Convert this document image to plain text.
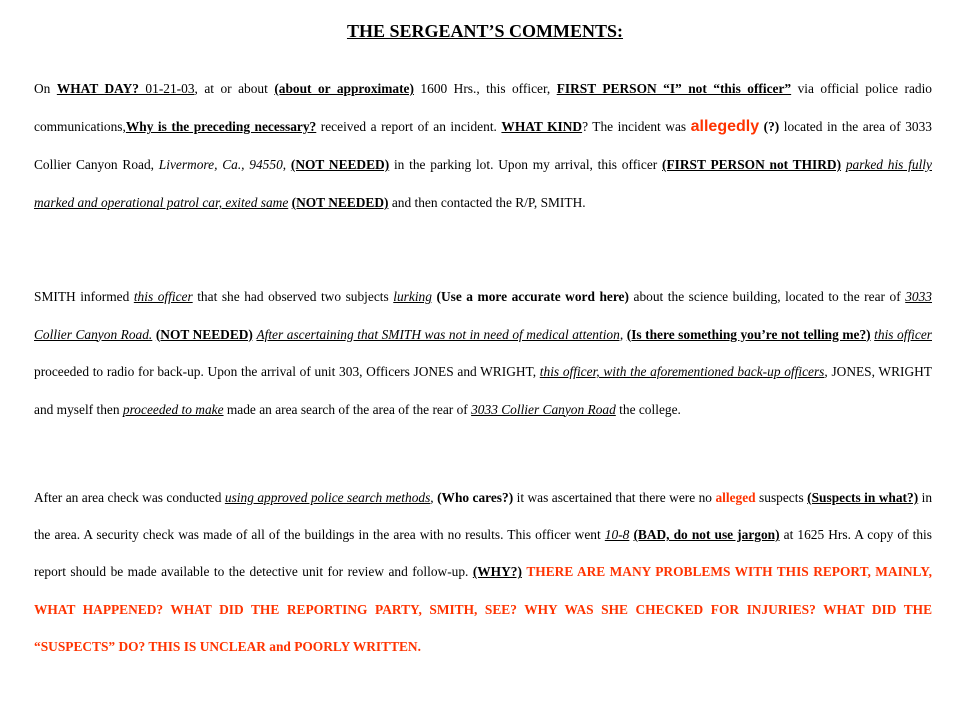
THE SERGEANT’S COMMENTS:

On WHAT DAY? 01-21-03, at or about (about or approximate) 1600 Hrs., this officer, FIRST PERSON “I” not “this officer” via official police radio communications,Why is the preceding necessary? received a report of an incident. WHAT KIND? The incident was allegedly (?) located in the area of 3033 Collier Canyon Road, Livermore, Ca., 94550, (NOT NEEDED) in the parking lot. Upon my arrival, this officer (FIRST PERSON not THIRD) parked his fully marked and operational patrol car, exited same (NOT NEEDED) and then contacted the R/P, SMITH.

SMITH informed this officer that she had observed two subjects lurking (Use a more accurate word here) about the science building, located to the rear of 3033 Collier Canyon Road. (NOT NEEDED) After ascertaining that SMITH was not in need of medical attention, (Is there something you’re not telling me?) this officer proceeded to radio for back-up. Upon the arrival of unit 303, Officers JONES and WRIGHT, this officer, with the aforementioned back-up officers, JONES, WRIGHT and myself then proceeded to make made an area search of the area of the rear of 3033 Collier Canyon Road the college.

After an area check was conducted using approved police search methods, (Who cares?) it was ascertained that there were no alleged suspects (Suspects in what?) in the area. A security check was made of all of the buildings in the area with no results. This officer went 10-8 (BAD, do not use jargon) at 1625 Hrs. A copy of this report should be made available to the detective unit for review and follow-up. (WHY?) THERE ARE MANY PROBLEMS WITH THIS REPORT, MAINLY, WHAT HAPPENED? WHAT DID THE REPORTING PARTY, SMITH, SEE? WHY WAS SHE CHECKED FOR INJURIES? WHAT DID THE “SUSPECTS” DO? THIS IS UNCLEAR and POORLY WRITTEN.
